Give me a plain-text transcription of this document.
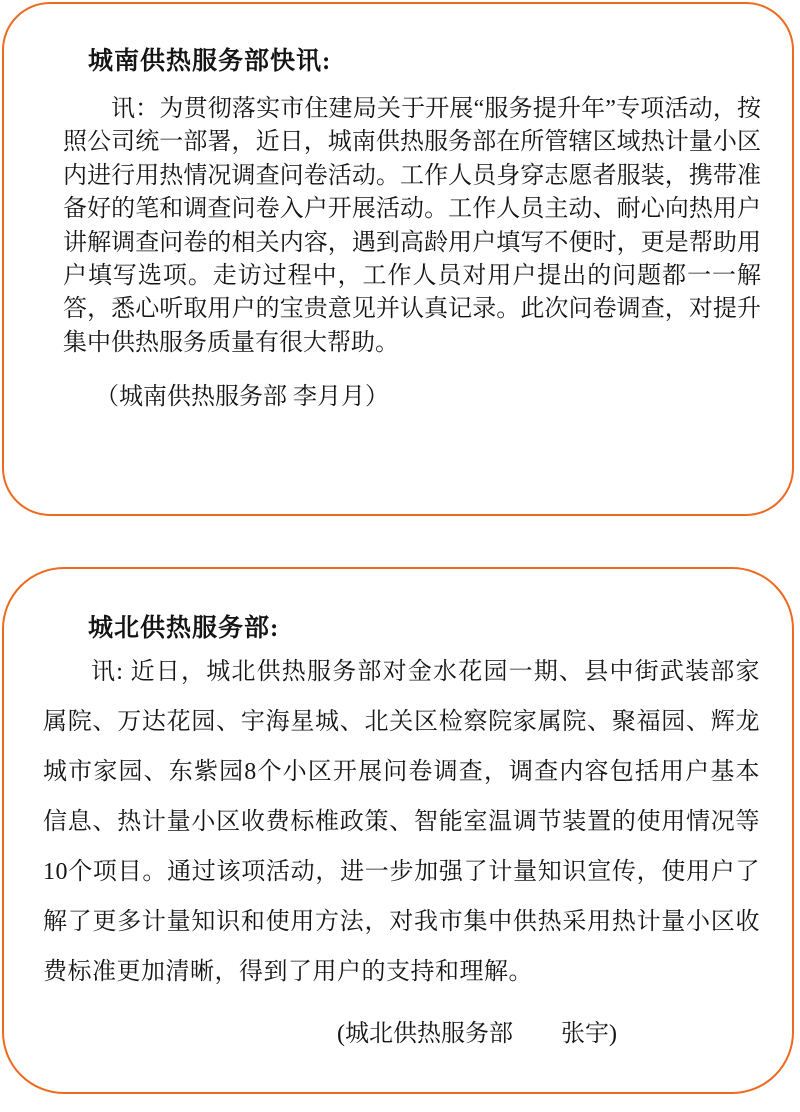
城南供热服务部快讯:
讯：为贯彻落实市住建局关于开展“服务提升年”专项活动，按照公司统一部署，近日，城南供热服务部在所管辖区域热计量小区内进行用热情况调查问卷活动。工作人员身穿志愿者服装，携带准备好的笔和调查问卷入户开展活动。工作人员主动、耐心向热用户讲解调查问卷的相关内容，遇到高龄用户填写不便时，更是帮助用户填写选项。走访过程中，工作人员对用户提出的问题都一一解答，悉心听取用户的宝贵意见并认真记录。此次问卷调查，对提升集中供热服务质量有很大帮助。
（城南供热服务部 李月月）
城北供热服务部:
讯: 近日，城北供热服务部对金水花园一期、县中街武装部家属院、万达花园、宇海星城、北关区检察院家属院、聚福园、辉龙城市家园、东紫园8个小区开展问卷调查，调查内容包括用户基本信息、热计量小区收费标椎政策、智能室温调节装置的使用情况等10个项目。通过该项活动，进一步加强了计量知识宣传，使用户了解了更多计量知识和使用方法，对我市集中供热采用热计量小区收费标准更加清晰，得到了用户的支持和理解。
(城北供热服务部　　张宇)
